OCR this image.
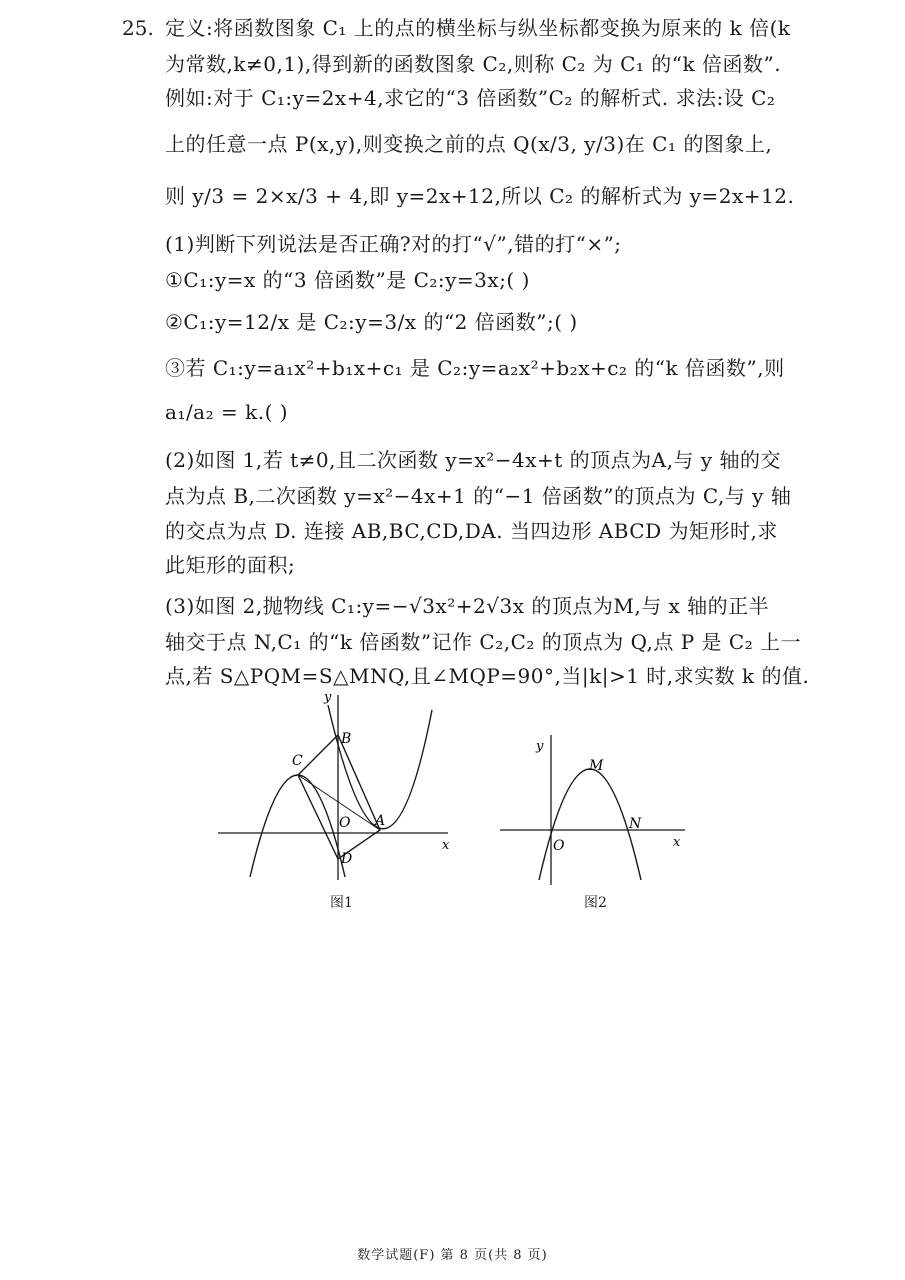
25. 定义:将函数图象 C₁ 上的点的横坐标与纵坐标都变换为原来的 k 倍(k
为常数,k≠0,1),得到新的函数图象 C₂,则称 C₂ 为 C₁ 的“k 倍函数”.
例如:对于 C₁:y=2x+4,求它的“3 倍函数”C₂ 的解析式. 求法:设 C₂
上的任意一点 P(x,y),则变换之前的点 Q(x/3, y/3)在 C₁ 的图象上,
则 y/3 = 2×x/3 + 4,即 y=2x+12,所以 C₂ 的解析式为 y=2x+12.
(1)判断下列说法是否正确?对的打“√”,错的打“×”;
①C₁:y=x 的“3 倍函数”是 C₂:y=3x;( )
②C₁:y=12/x 是 C₂:y=3/x 的“2 倍函数”;( )
③若 C₁:y=a₁x²+b₁x+c₁ 是 C₂:y=a₂x²+b₂x+c₂ 的“k 倍函数”,则
a₁/a₂ = k.( )
(2)如图 1,若 t≠0,且二次函数 y=x²−4x+t 的顶点为A,与 y 轴的交
点为点 B,二次函数 y=x²−4x+1 的“−1 倍函数”的顶点为 C,与 y 轴
的交点为点 D. 连接 AB,BC,CD,DA. 当四边形 ABCD 为矩形时,求
此矩形的面积;
(3)如图 2,抛物线 C₁:y=−√3x²+2√3x 的顶点为M,与 x 轴的正半
轴交于点 N,C₁ 的“k 倍函数”记作 C₂,C₂ 的顶点为 Q,点 P 是 C₂ 上一
点,若 S△PQM=S△MNQ,且∠MQP=90°,当|k|>1 时,求实数 k 的值.
y
x
O A
B
C
D
图1
y
x
O
M
N
图2
数学试题(F) 第 8 页(共 8 页)
